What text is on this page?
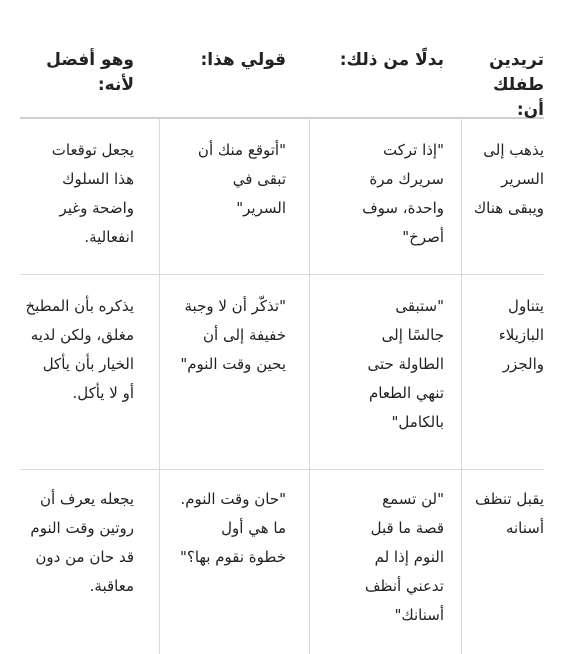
تريدين
طفلك أن:
يذهب إلى
السرير
ويبقى هناك
يتناول
البازيلاء
والجزر
يقبل تنظف
أسنانه
بدلًا من ذلك:
"إذا تركت
سريرك مرة
واحدة، سوف
أصرخ"
"ستبقى
جالسًا إلى
الطاولة حتى
تنهي الطعام
بالكامل"
"لن تسمع
قصة ما قبل
النوم إذا لم
تدعني أنظف
أسنانك"
قولي هذا:
"أتوقع منك أن
تبقى في
السرير"
"تذكّر أن لا وجبة
خفيفة إلى أن
يحين وقت النوم"
"حان وقت النوم.
ما هي أول
خطوة نقوم بها؟"
وهو أفضل
لأنه:
يجعل توقعات
هذا السلوك
واضحة وغير
انفعالية.
يذكره بأن المطبخ
مغلق، ولكن لديه
الخيار بأن يأكل
أو لا يأكل.
يجعله يعرف أن
روتين وقت النوم
قد حان من دون
معاقبة.
